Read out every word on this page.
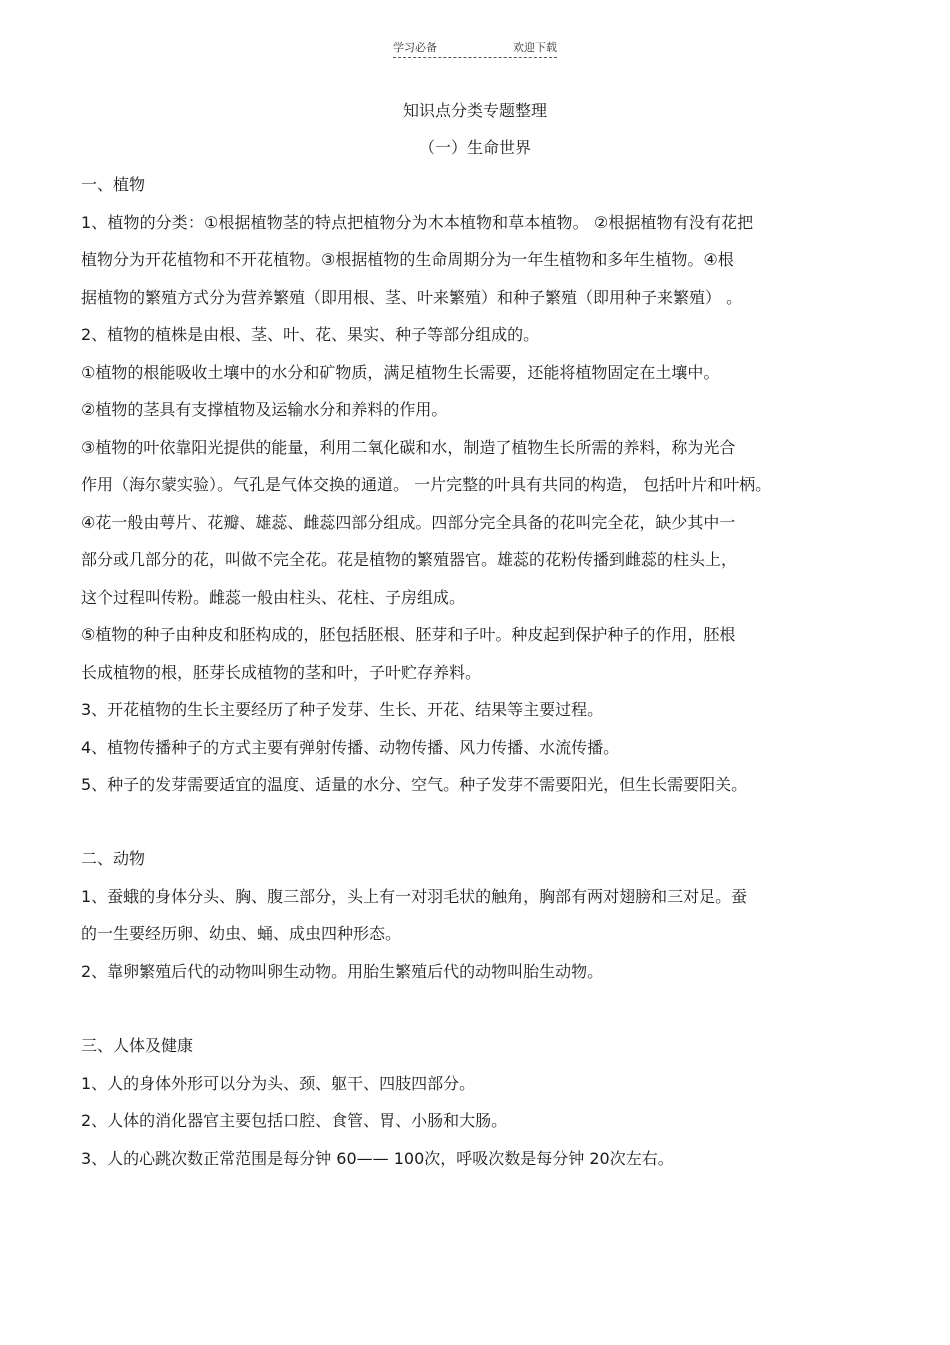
学习必备	欢迎下载
知识点分类专题整理
（一）生命世界
一、植物
1、植物的分类：①根据植物茎的特点把植物分为木本植物和草本植物。 ②根据植物有没有花把
植物分为开花植物和不开花植物。③根据植物的生命周期分为一年生植物和多年生植物。④根
据植物的繁殖方式分为营养繁殖（即用根、茎、叶来繁殖）和种子繁殖（即用种子来繁殖） 。
2、植物的植株是由根、茎、叶、花、果实、种子等部分组成的。
①植物的根能吸收土壤中的水分和矿物质，满足植物生长需要，还能将植物固定在土壤中。
②植物的茎具有支撑植物及运输水分和养料的作用。
③植物的叶依靠阳光提供的能量，利用二氧化碳和水，制造了植物生长所需的养料，称为光合
作用（海尔蒙实验）。气孔是气体交换的通道。 一片完整的叶具有共同的构造， 包括叶片和叶柄。
④花一般由萼片、花瓣、雄蕊、雌蕊四部分组成。四部分完全具备的花叫完全花，缺少其中一
部分或几部分的花，叫做不完全花。花是植物的繁殖器官。雄蕊的花粉传播到雌蕊的柱头上，
这个过程叫传粉。雌蕊一般由柱头、花柱、子房组成。
⑤植物的种子由种皮和胚构成的，胚包括胚根、胚芽和子叶。种皮起到保护种子的作用，胚根
长成植物的根，胚芽长成植物的茎和叶，子叶贮存养料。
3、开花植物的生长主要经历了种子发芽、生长、开花、结果等主要过程。
4、植物传播种子的方式主要有弹射传播、动物传播、风力传播、水流传播。
5、种子的发芽需要适宜的温度、适量的水分、空气。种子发芽不需要阳光，但生长需要阳关。
二、动物
1、蚕蛾的身体分头、胸、腹三部分，头上有一对羽毛状的触角，胸部有两对翅膀和三对足。蚕
的一生要经历卵、幼虫、蛹、成虫四种形态。
2、靠卵繁殖后代的动物叫卵生动物。用胎生繁殖后代的动物叫胎生动物。
三、人体及健康
1、人的身体外形可以分为头、颈、躯干、四肢四部分。
2、人体的消化器官主要包括口腔、食管、胃、小肠和大肠。
3、人的心跳次数正常范围是每分钟 60—— 100次，呼吸次数是每分钟 20次左右。
